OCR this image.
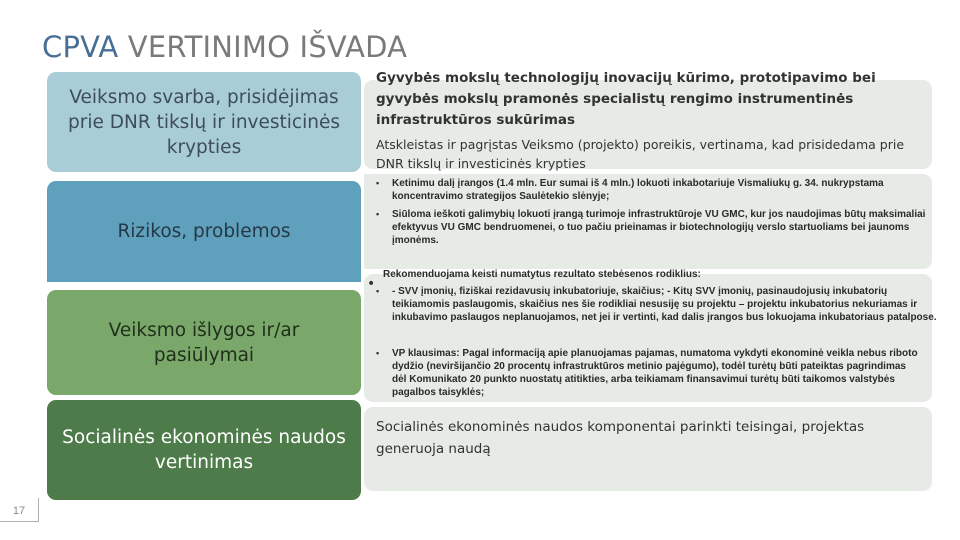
CPVA VERTINIMO IŠVADA
Veiksmo svarba, prisidėjimas prie DNR tikslų ir investicinės krypties
Rizikos, problemos
Veiksmo išlygos ir/ar pasiūlymai
Socialinės ekonominės naudos vertinimas
Gyvybės mokslų technologijų inovacijų kūrimo, prototipavimo bei gyvybės mokslų pramonės specialistų rengimo instrumentinės infrastruktūros sukūrimas
Atskleistas ir pagrįstas Veiksmo (projekto) poreikis, vertinama, kad prisidedama prie DNR tikslų ir investicinės krypties
• Ketinimu dalį įrangos (1.4 mln. Eur sumai iš 4 mln.) lokuoti inkabotariuje Vismaliukų g. 34. nukrypstama koncentravimo strategijos Saulėtekio slėnyje;
• Siūloma ieškoti galimybių lokuoti įrangą turimoje infrastruktūroje VU GMC, kur jos naudojimas būtų maksimaliai efektyvus VU GMC bendruomenei, o tuo pačiu prieinamas ir biotechnologijų verslo startuoliams bei jaunoms įmonėms.
Rekomenduojama keisti numatytus rezultato stebėsenos rodiklius:
• • - SVV įmonių, fiziškai rezidavusių inkubatoriuje, skaičius; - Kitų SVV įmonių, pasinaudojusių inkubatorių teikiamomis paslaugomis, skaičius nes šie rodikliai nesusiję su projektu – projektu inkubatorius nekuriamas ir inkubavimo paslaugos neplanuojamos, net jei ir vertinti, kad dalis įrangos bus lokuojama inkubatoriaus patalpose.
• VP klausimas: Pagal informaciją apie planuojamas pajamas, numatoma vykdyti ekonominė veikla nebus riboto dydžio (neviršijančio 20 procentų infrastruktūros metinio pajėgumo), todėl turėtų būti pateiktas pagrindimas dėl Komunikato 20 punkto nuostatų atitikties, arba teikiamam finansavimui turėtų būti taikomos valstybės pagalbos taisyklės;
Socialinės ekonominės naudos komponentai parinkti teisingai, projektas generuoja naudą
17
